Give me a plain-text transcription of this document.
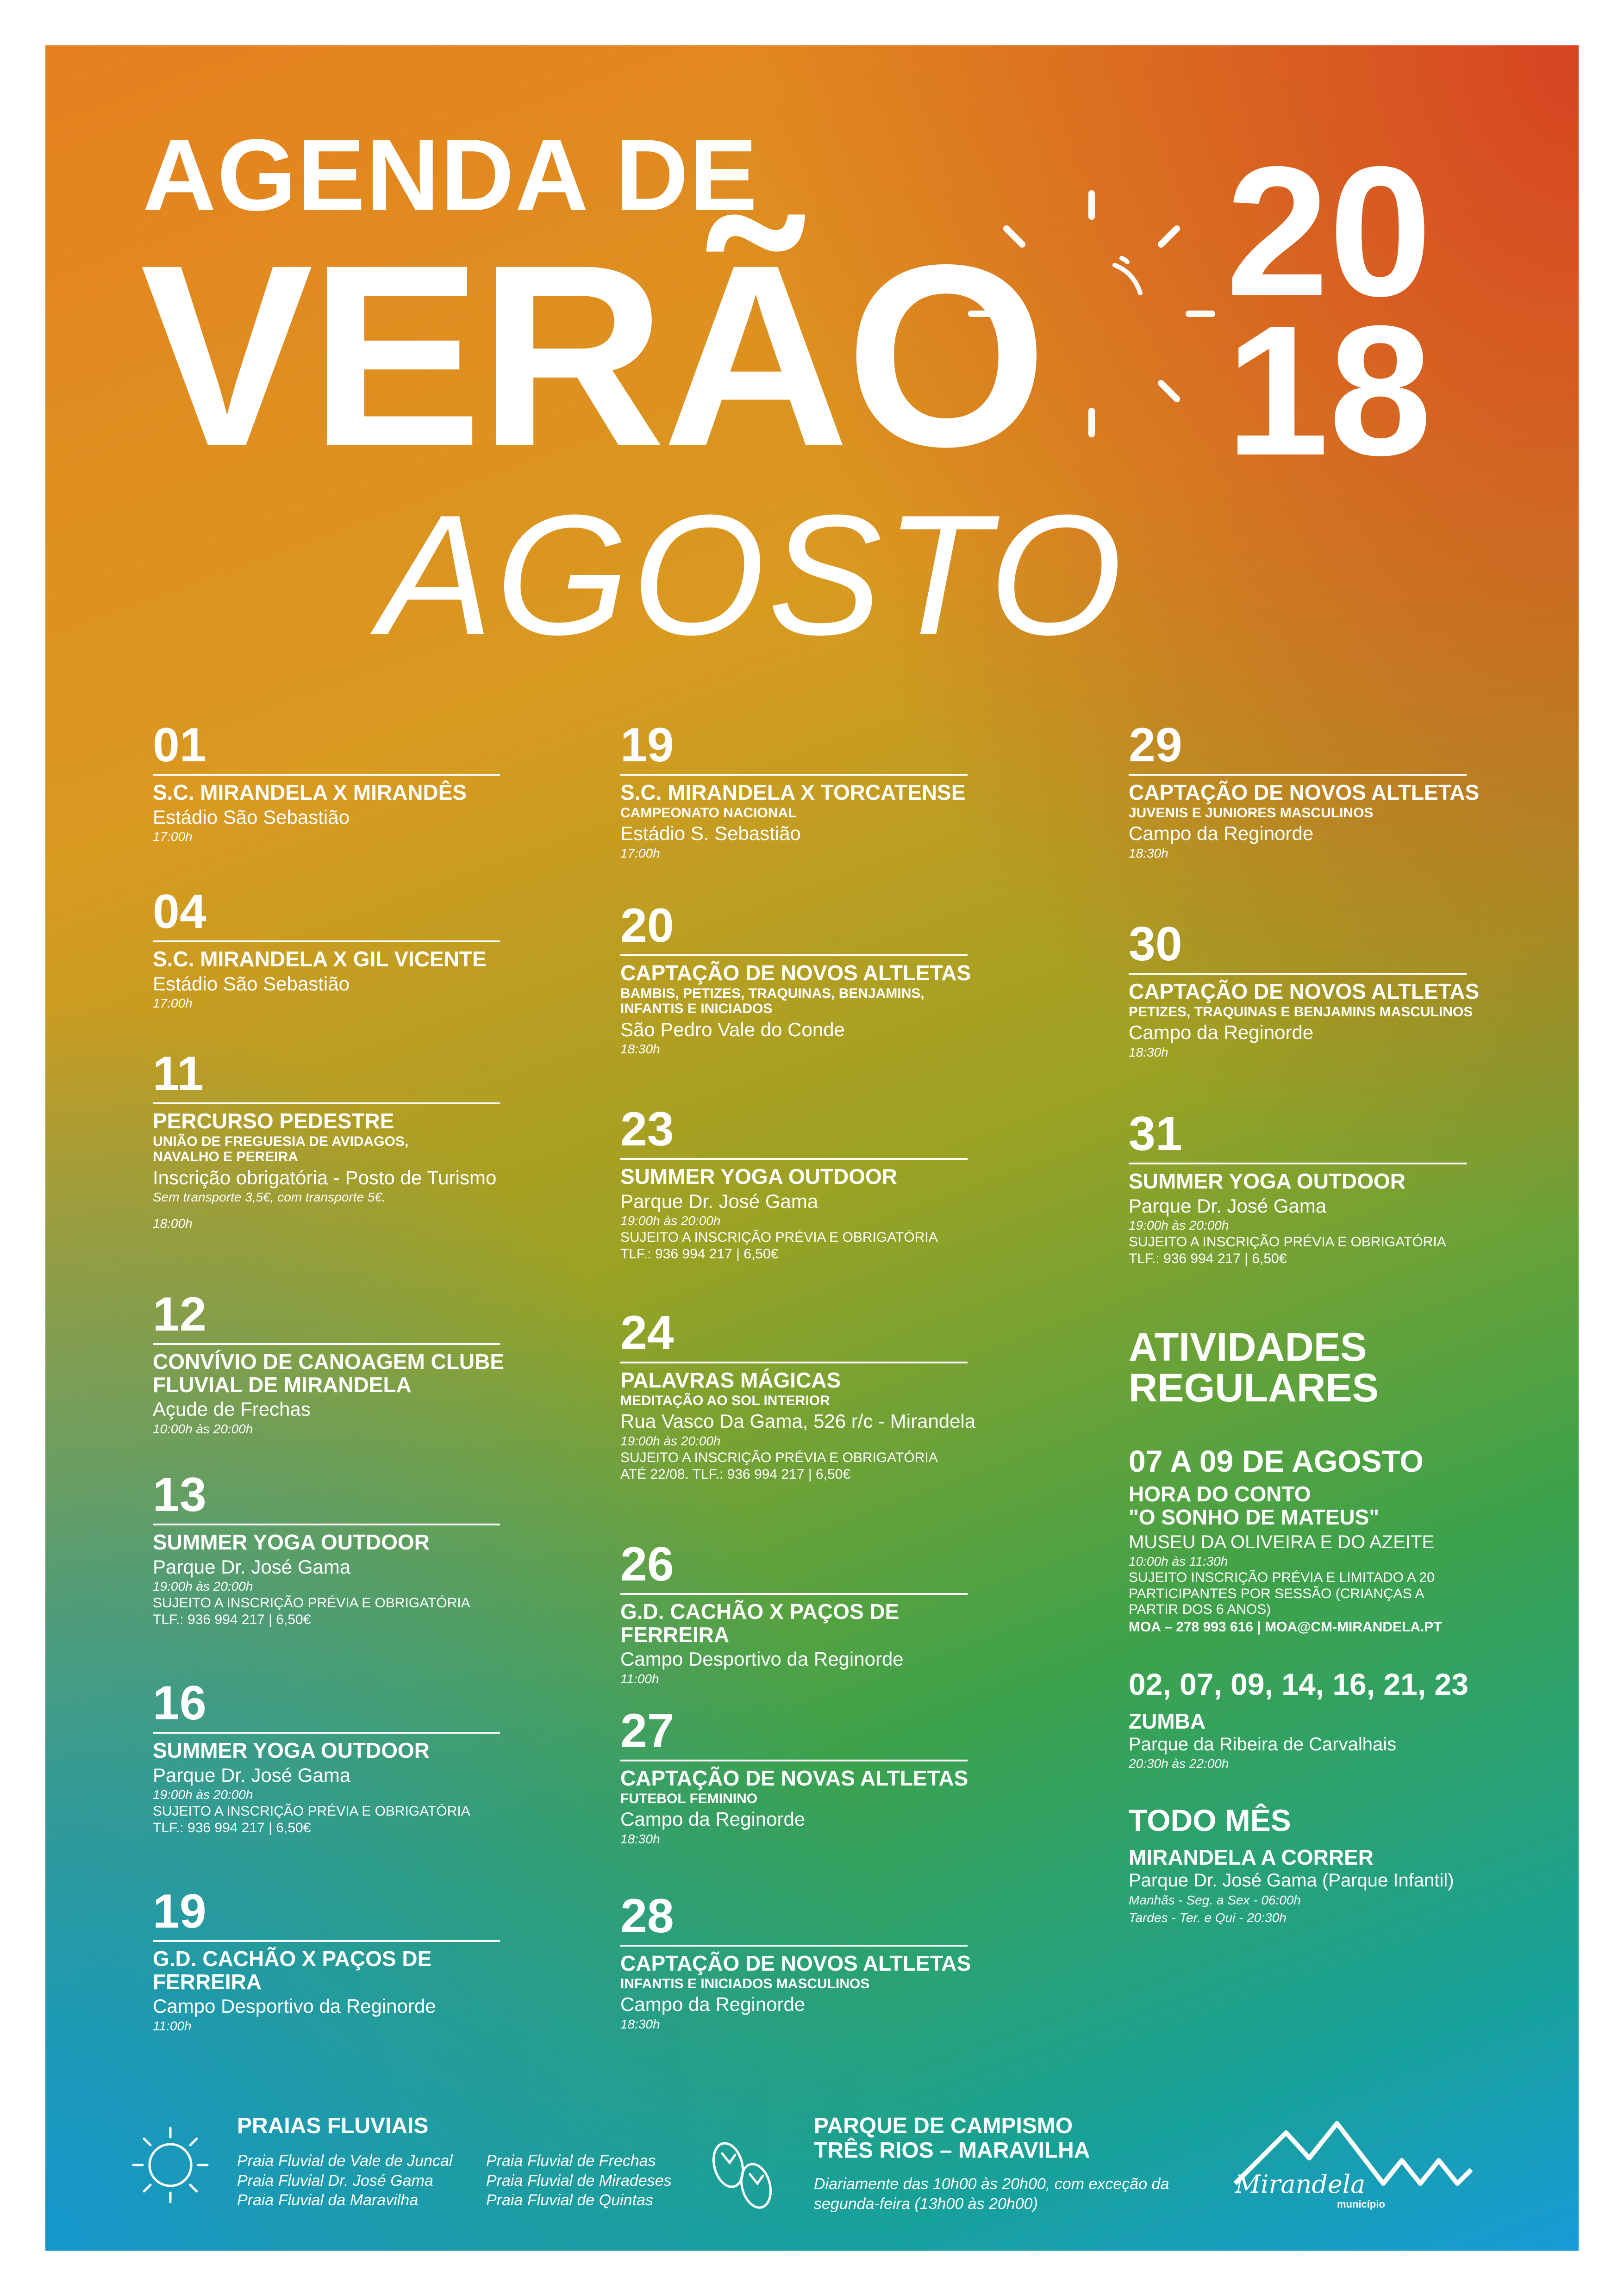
AGENDA DE
VERÃO 20
18
AGOSTO
01
S.C. MIRANDELA X MIRANDÊS
Estádio São Sebastião
17:00h
04
S.C. MIRANDELA X GIL VICENTE
Estádio São Sebastião
17:00h
11
PERCURSO PEDESTRE
UNIÃO DE FREGUESIA DE AVIDAGOS, NAVALHO E PEREIRA
Inscrição obrigatória - Posto de Turismo
Sem transporte 3,5€, com transporte 5€.
18:00h
12
CONVÍVIO DE CANOAGEM CLUBE FLUVIAL DE MIRANDELA
Açude de Frechas
10:00h às 20:00h
13
SUMMER YOGA OUTDOOR
Parque Dr. José Gama
19:00h às 20:00h
SUJEITO A INSCRIÇÃO PRÉVIA E OBRIGATÓRIA
TLF.: 936 994 217 | 6,50€
16
SUMMER YOGA OUTDOOR
Parque Dr. José Gama
19:00h às 20:00h
SUJEITO A INSCRIÇÃO PRÉVIA E OBRIGATÓRIA
TLF.: 936 994 217 | 6,50€
19
G.D. CACHÃO X PAÇOS DE FERREIRA
Campo Desportivo da Reginorde
11:00h
19
S.C. MIRANDELA X TORCATENSE
CAMPEONATO NACIONAL
Estádio S. Sebastião
17:00h
20
CAPTAÇÃO DE NOVOS ALTLETAS
BAMBIS, PETIZES, TRAQUINAS, BENJAMINS, INFANTIS E INICIADOS
São Pedro Vale do Conde
18:30h
23
SUMMER YOGA OUTDOOR
Parque Dr. José Gama
19:00h às 20:00h
SUJEITO A INSCRIÇÃO PRÉVIA E OBRIGATÓRIA
TLF.: 936 994 217 | 6,50€
24
PALAVRAS MÁGICAS
MEDITAÇÃO AO SOL INTERIOR
Rua Vasco Da Gama, 526 r/c - Mirandela
19:00h às 20:00h
SUJEITO A INSCRIÇÃO PRÉVIA E OBRIGATÓRIA
ATÉ 22/08. TLF.: 936 994 217 | 6,50€
26
G.D. CACHÃO X PAÇOS DE FERREIRA
Campo Desportivo da Reginorde
11:00h
27
CAPTAÇÃO DE NOVAS ALTLETAS
FUTEBOL FEMININO
Campo da Reginorde
18:30h
28
CAPTAÇÃO DE NOVOS ALTLETAS
INFANTIS E INICIADOS MASCULINOS
Campo da Reginorde
18:30h
29
CAPTAÇÃO DE NOVOS ALTLETAS
JUVENIS E JUNIORES MASCULINOS
Campo da Reginorde
18:30h
30
CAPTAÇÃO DE NOVOS ALTLETAS
PETIZES, TRAQUINAS E BENJAMINS MASCULINOS
Campo da Reginorde
18:30h
31
SUMMER YOGA OUTDOOR
Parque Dr. José Gama
19:00h às 20:00h
SUJEITO A INSCRIÇÃO PRÉVIA E OBRIGATÓRIA
TLF.: 936 994 217 | 6,50€
ATIVIDADES REGULARES
07 A 09 DE AGOSTO
HORA DO CONTO
"O SONHO DE MATEUS"
MUSEU DA OLIVEIRA E DO AZEITE
10:00h às 11:30h
SUJEITO INSCRIÇÃO PRÉVIA E LIMITADO A 20 PARTICIPANTES POR SESSÃO (CRIANÇAS A PARTIR DOS 6 ANOS)
MOA – 278 993 616 | MOA@CM-MIRANDELA.PT
02, 07, 09, 14, 16, 21, 23
ZUMBA
Parque da Ribeira de Carvalhais
20:30h às 22:00h
TODO MÊS
MIRANDELA A CORRER
Parque Dr. José Gama (Parque Infantil)
Manhãs - Seg. a Sex - 06:00h
Tardes - Ter. e Qui - 20:30h
PRAIAS FLUVIAIS
Praia Fluvial de Vale de Juncal
Praia Fluvial Dr. José Gama
Praia Fluvial da Maravilha
Praia Fluvial de Frechas
Praia Fluvial de Miradeses
Praia Fluvial de Quintas
PARQUE DE CAMPISMO TRÊS RIOS – MARAVILHA
Diariamente das 10h00 às 20h00, com exceção da segunda-feira (13h00 às 20h00)
Mirandela
município
